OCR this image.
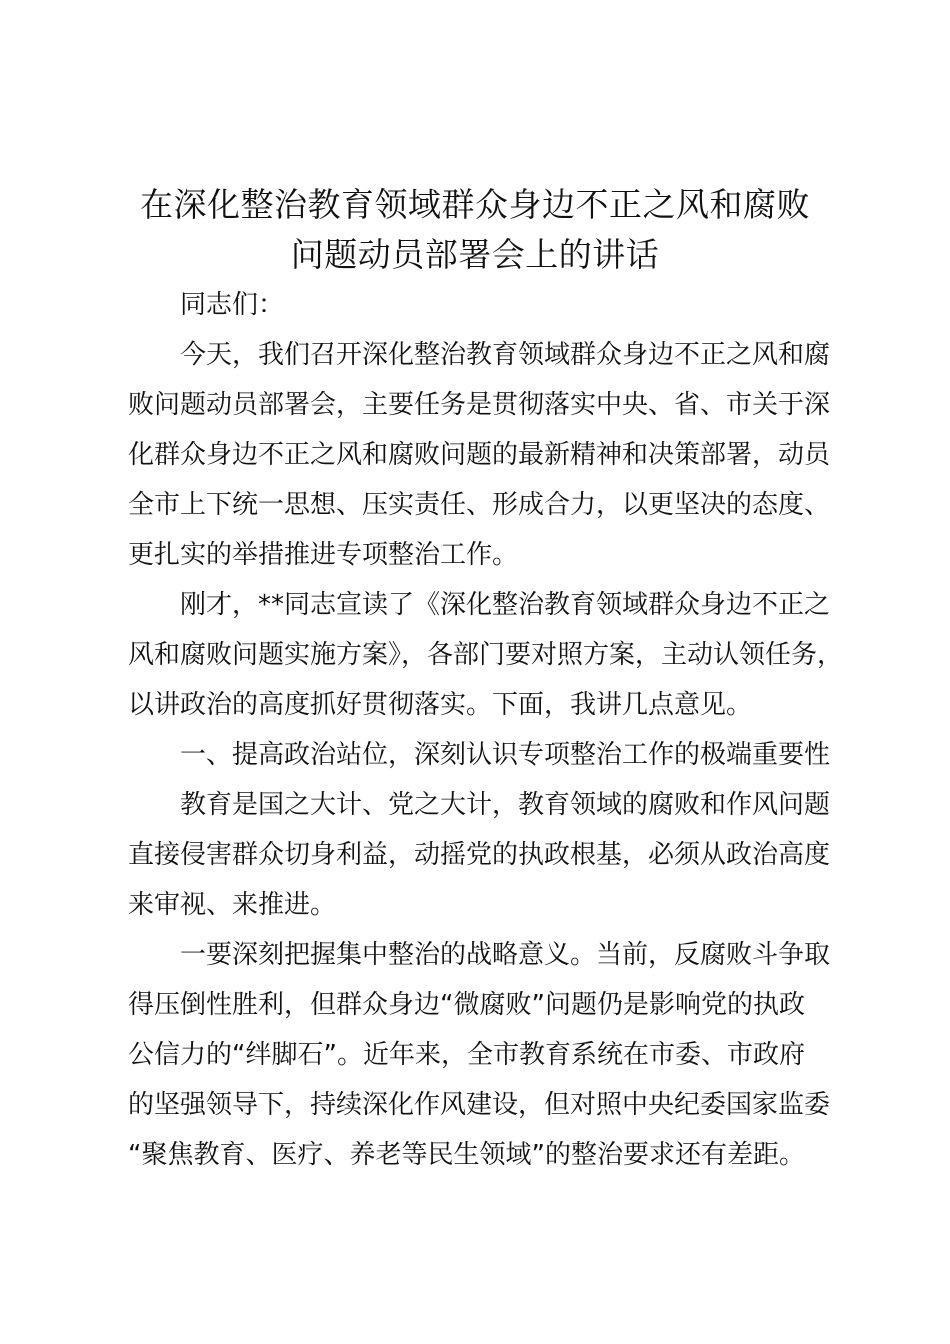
在深化整治教育领域群众身边不正之风和腐败
问题动员部署会上的讲话

同志们：

今天，我们召开深化整治教育领域群众身边不正之风和腐
败问题动员部署会，主要任务是贯彻落实中央、省、市关于深
化群众身边不正之风和腐败问题的最新精神和决策部署，动员
全市上下统一思想、压实责任、形成合力，以更坚决的态度、
更扎实的举措推进专项整治工作。

刚才，**同志宣读了《深化整治教育领域群众身边不正之
风和腐败问题实施方案》，各部门要对照方案，主动认领任务，
以讲政治的高度抓好贯彻落实。下面，我讲几点意见。

一、提高政治站位，深刻认识专项整治工作的极端重要性

教育是国之大计、党之大计，教育领域的腐败和作风问题
直接侵害群众切身利益，动摇党的执政根基，必须从政治高度
来审视、来推进。

一要深刻把握集中整治的战略意义。当前，反腐败斗争取
得压倒性胜利，但群众身边“微腐败”问题仍是影响党的执政
公信力的“绊脚石”。近年来，全市教育系统在市委、市政府
的坚强领导下，持续深化作风建设，但对照中央纪委国家监委
“聚焦教育、医疗、养老等民生领域”的整治要求还有差距。
